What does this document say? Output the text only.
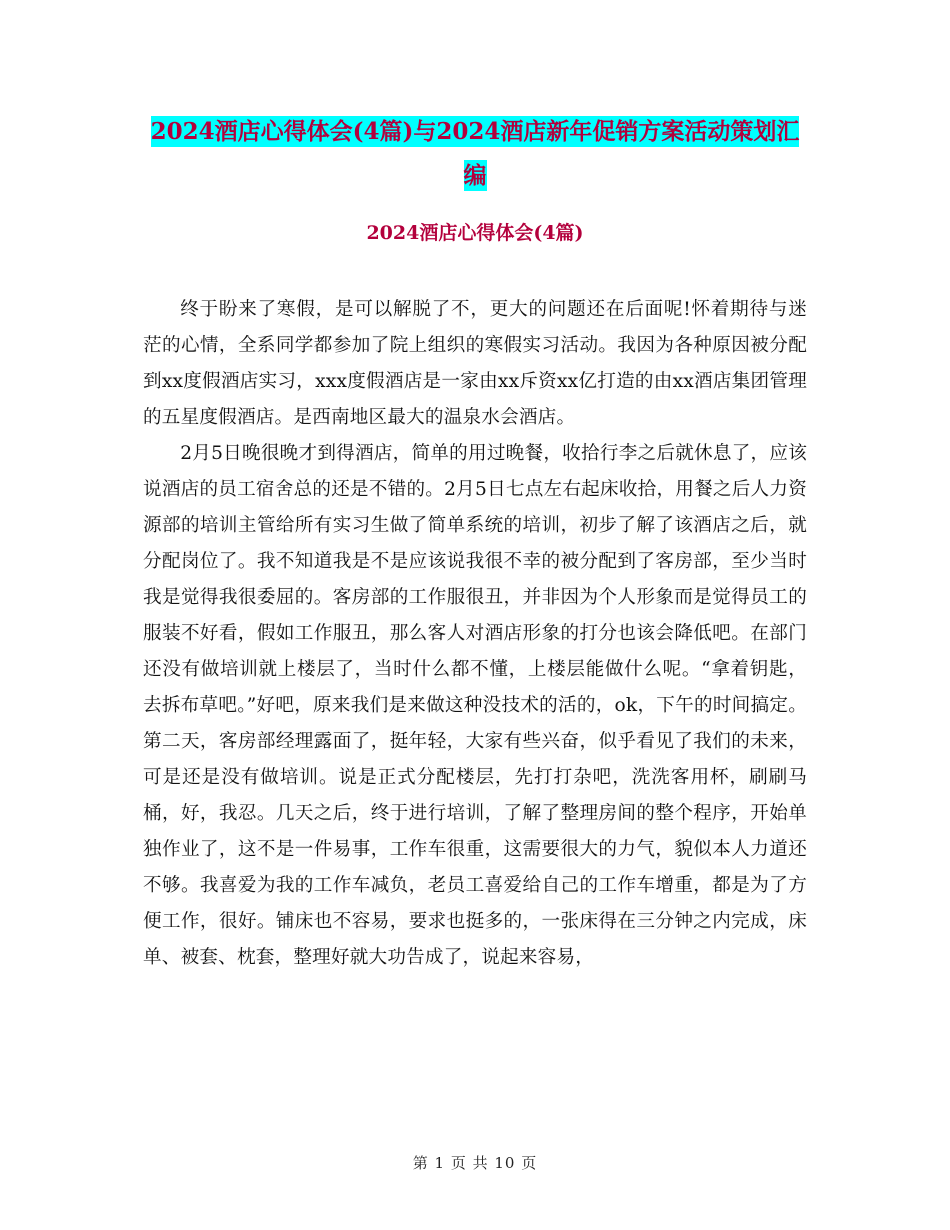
2024酒店心得体会(4篇)与2024酒店新年促销方案活动策划汇编
2024酒店心得体会(4篇)

终于盼来了寒假，是可以解脱了不，更大的问题还在后面呢!怀着期待与迷茫的心情，全系同学都参加了院上组织的寒假实习活动。我因为各种原因被分配到xx度假酒店实习，xxx度假酒店是一家由xx斥资xx亿打造的由xx酒店集团管理的五星度假酒店。是西南地区最大的温泉水会酒店。

2月5日晚很晚才到得酒店，简单的用过晚餐，收拾行李之后就休息了，应该说酒店的员工宿舍总的还是不错的。2月5日七点左右起床收拾，用餐之后人力资源部的培训主管给所有实习生做了简单系统的培训，初步了解了该酒店之后，就分配岗位了。我不知道我是不是应该说我很不幸的被分配到了客房部，至少当时我是觉得我很委屈的。客房部的工作服很丑，并非因为个人形象而是觉得员工的服装不好看，假如工作服丑，那么客人对酒店形象的打分也该会降低吧。在部门还没有做培训就上楼层了，当时什么都不懂，上楼层能做什么呢。“拿着钥匙，去拆布草吧。”好吧，原来我们是来做这种没技术的活的，ok，下午的时间搞定。第二天，客房部经理露面了，挺年轻，大家有些兴奋，似乎看见了我们的未来，可是还是没有做培训。说是正式分配楼层，先打打杂吧，洗洗客用杯，刷刷马桶，好，我忍。几天之后，终于进行培训，了解了整理房间的整个程序，开始单独作业了，这不是一件易事，工作车很重，这需要很大的力气，貌似本人力道还不够。我喜爱为我的工作车减负，老员工喜爱给自己的工作车增重，都是为了方便工作，很好。铺床也不容易，要求也挺多的，一张床得在三分钟之内完成，床单、被套、枕套，整理好就大功告成了，说起来容易，

第 1 页 共 10 页
